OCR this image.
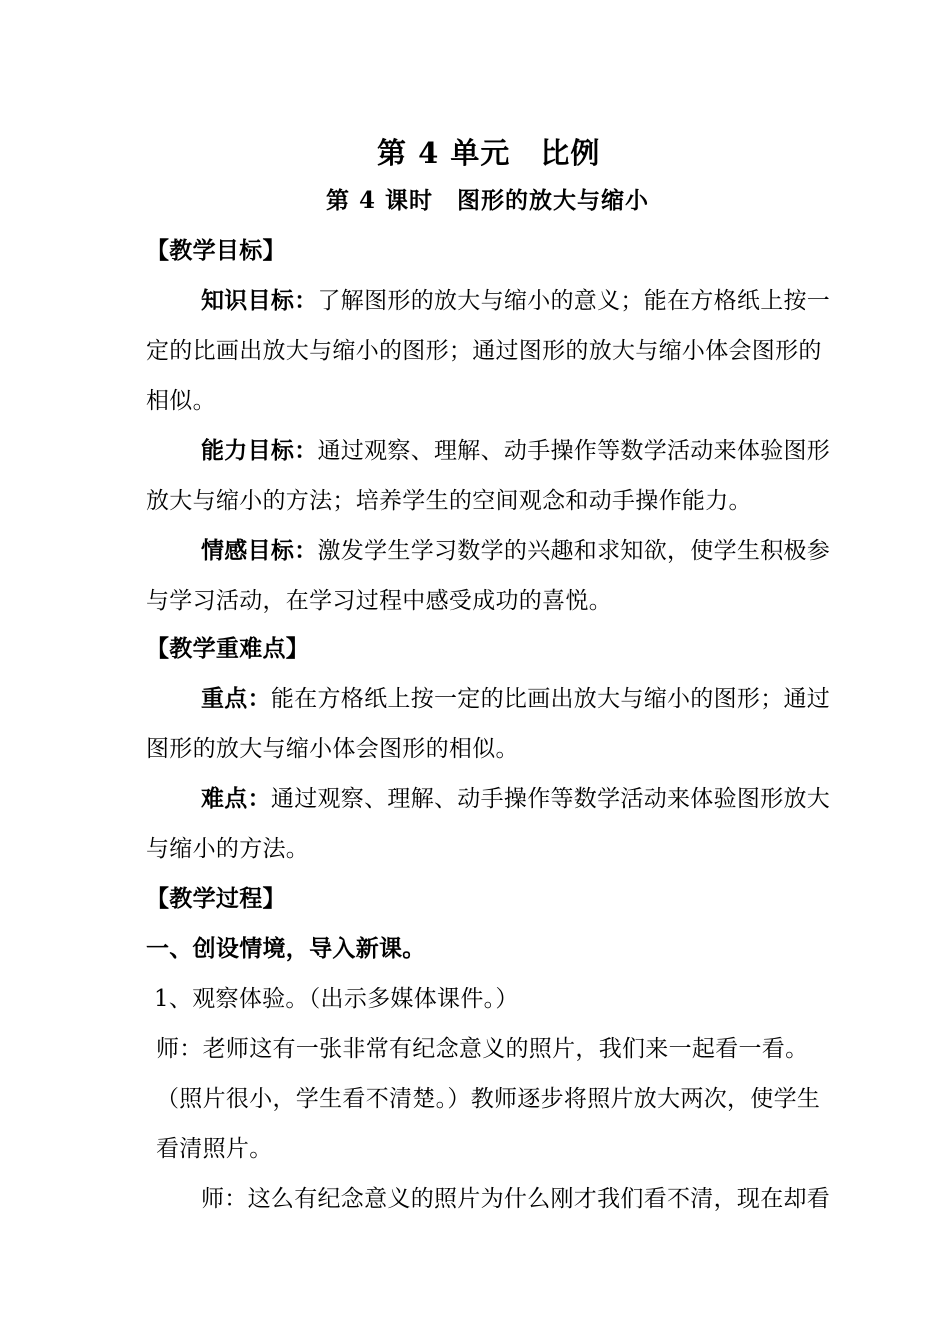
第 4 单元　比例
第 4 课时　图形的放大与缩小
【教学目标】
知识目标：了解图形的放大与缩小的意义；能在方格纸上按一
定的比画出放大与缩小的图形；通过图形的放大与缩小体会图形的
相似。
能力目标：通过观察、理解、动手操作等数学活动来体验图形
放大与缩小的方法；培养学生的空间观念和动手操作能力。
情感目标：激发学生学习数学的兴趣和求知欲，使学生积极参
与学习活动，在学习过程中感受成功的喜悦。
【教学重难点】
重点：能在方格纸上按一定的比画出放大与缩小的图形；通过
图形的放大与缩小体会图形的相似。
难点：通过观察、理解、动手操作等数学活动来体验图形放大
与缩小的方法。
【教学过程】
一、创设情境，导入新课。
1、观察体验。（出示多媒体课件。）
师：老师这有一张非常有纪念意义的照片，我们来一起看一看。
（照片很小，学生看不清楚。）教师逐步将照片放大两次，使学生
看清照片。
师：这么有纪念意义的照片为什么刚才我们看不清，现在却看
